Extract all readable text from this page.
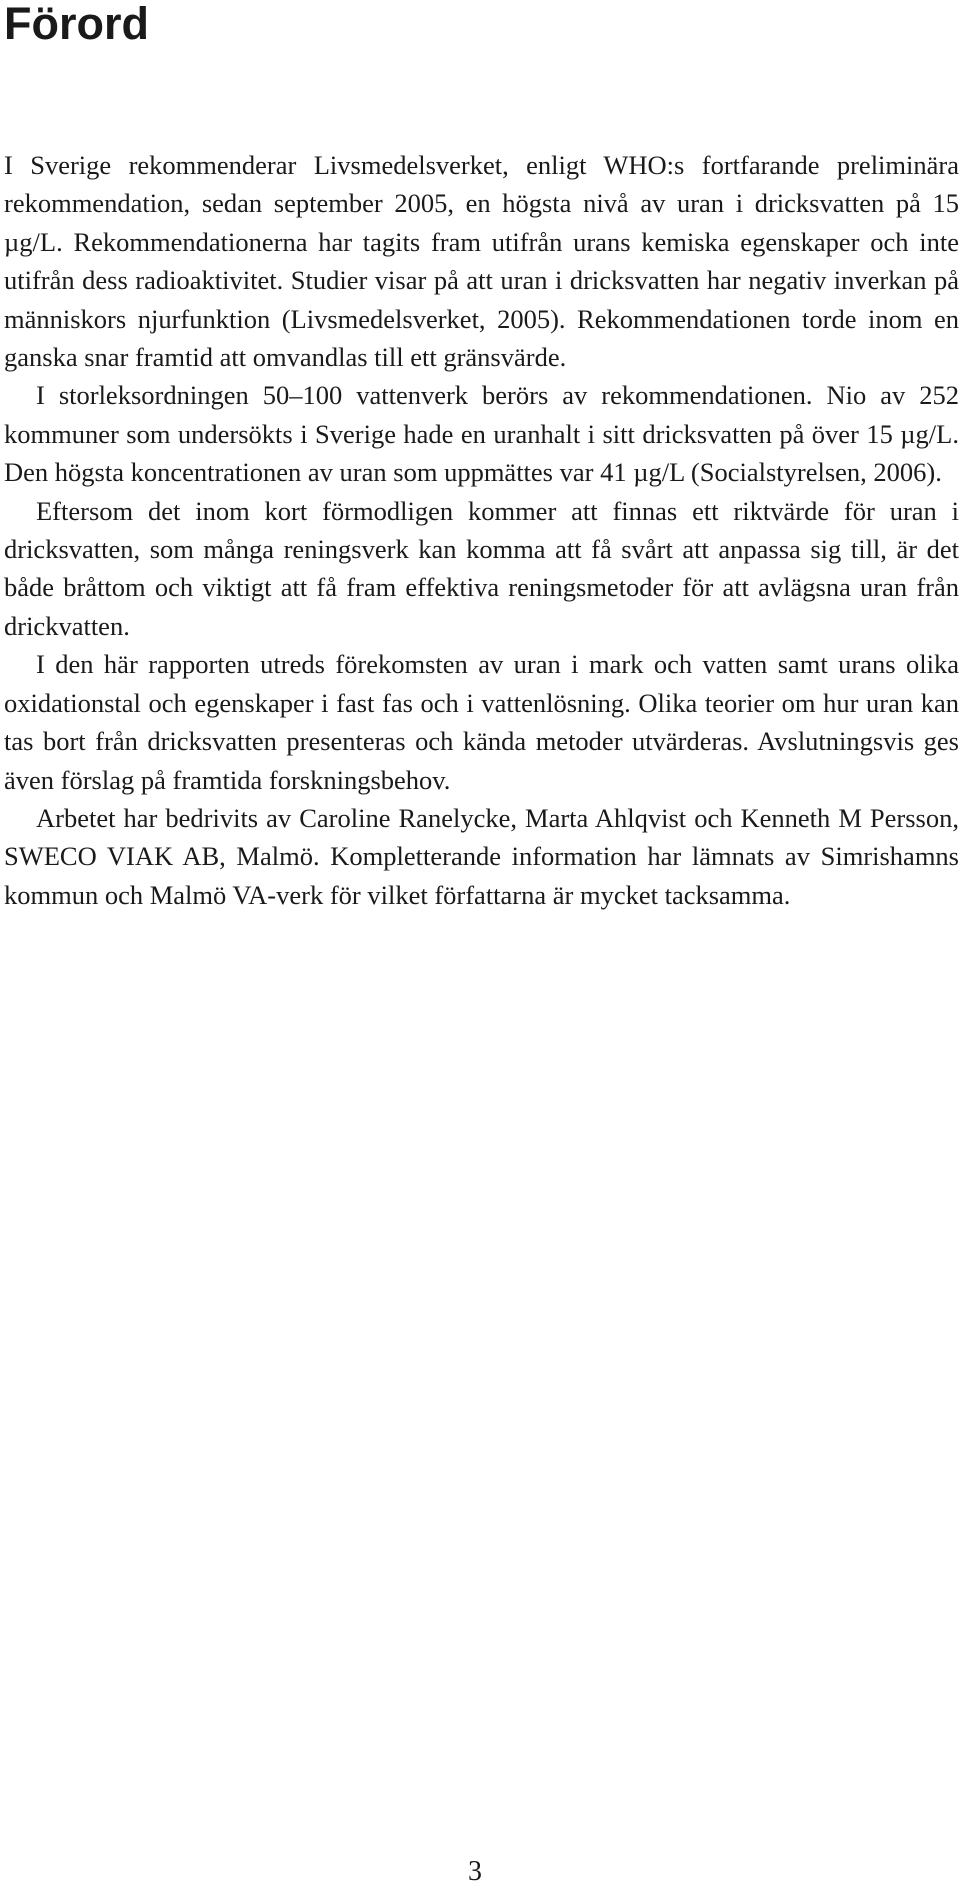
Förord

I Sverige rekommenderar Livsmedelsverket, enligt WHO:s fortfarande preliminära rekommendation, sedan september 2005, en högsta nivå av uran i dricksvatten på 15 µg/L. Rekommendationerna har tagits fram utifrån urans kemiska egenskaper och inte utifrån dess radioaktivitet. Studier visar på att uran i dricksvatten har negativ inverkan på människors njurfunktion (Livsmedelsverket, 2005). Rekommendationen torde inom en ganska snar framtid att omvandlas till ett gränsvärde.

I storleksordningen 50–100 vattenverk berörs av rekommendationen. Nio av 252 kommuner som undersökts i Sverige hade en uranhalt i sitt dricksvatten på över 15 µg/L. Den högsta koncentrationen av uran som uppmättes var 41 µg/L (Socialstyrelsen, 2006).

Eftersom det inom kort förmodligen kommer att finnas ett riktvärde för uran i dricksvatten, som många reningsverk kan komma att få svårt att anpassa sig till, är det både bråttom och viktigt att få fram effektiva reningsmetoder för att avlägsna uran från drickvatten.

I den här rapporten utreds förekomsten av uran i mark och vatten samt urans olika oxidationstal och egenskaper i fast fas och i vattenlösning. Olika teorier om hur uran kan tas bort från dricksvatten presenteras och kända metoder utvärderas. Avslutningsvis ges även förslag på framtida forskningsbehov.

Arbetet har bedrivits av Caroline Ranelycke, Marta Ahlqvist och Kenneth M Persson, SWECO VIAK AB, Malmö. Kompletterande information har lämnats av Simrishamns kommun och Malmö VA-verk för vilket författarna är mycket tacksamma.

3
